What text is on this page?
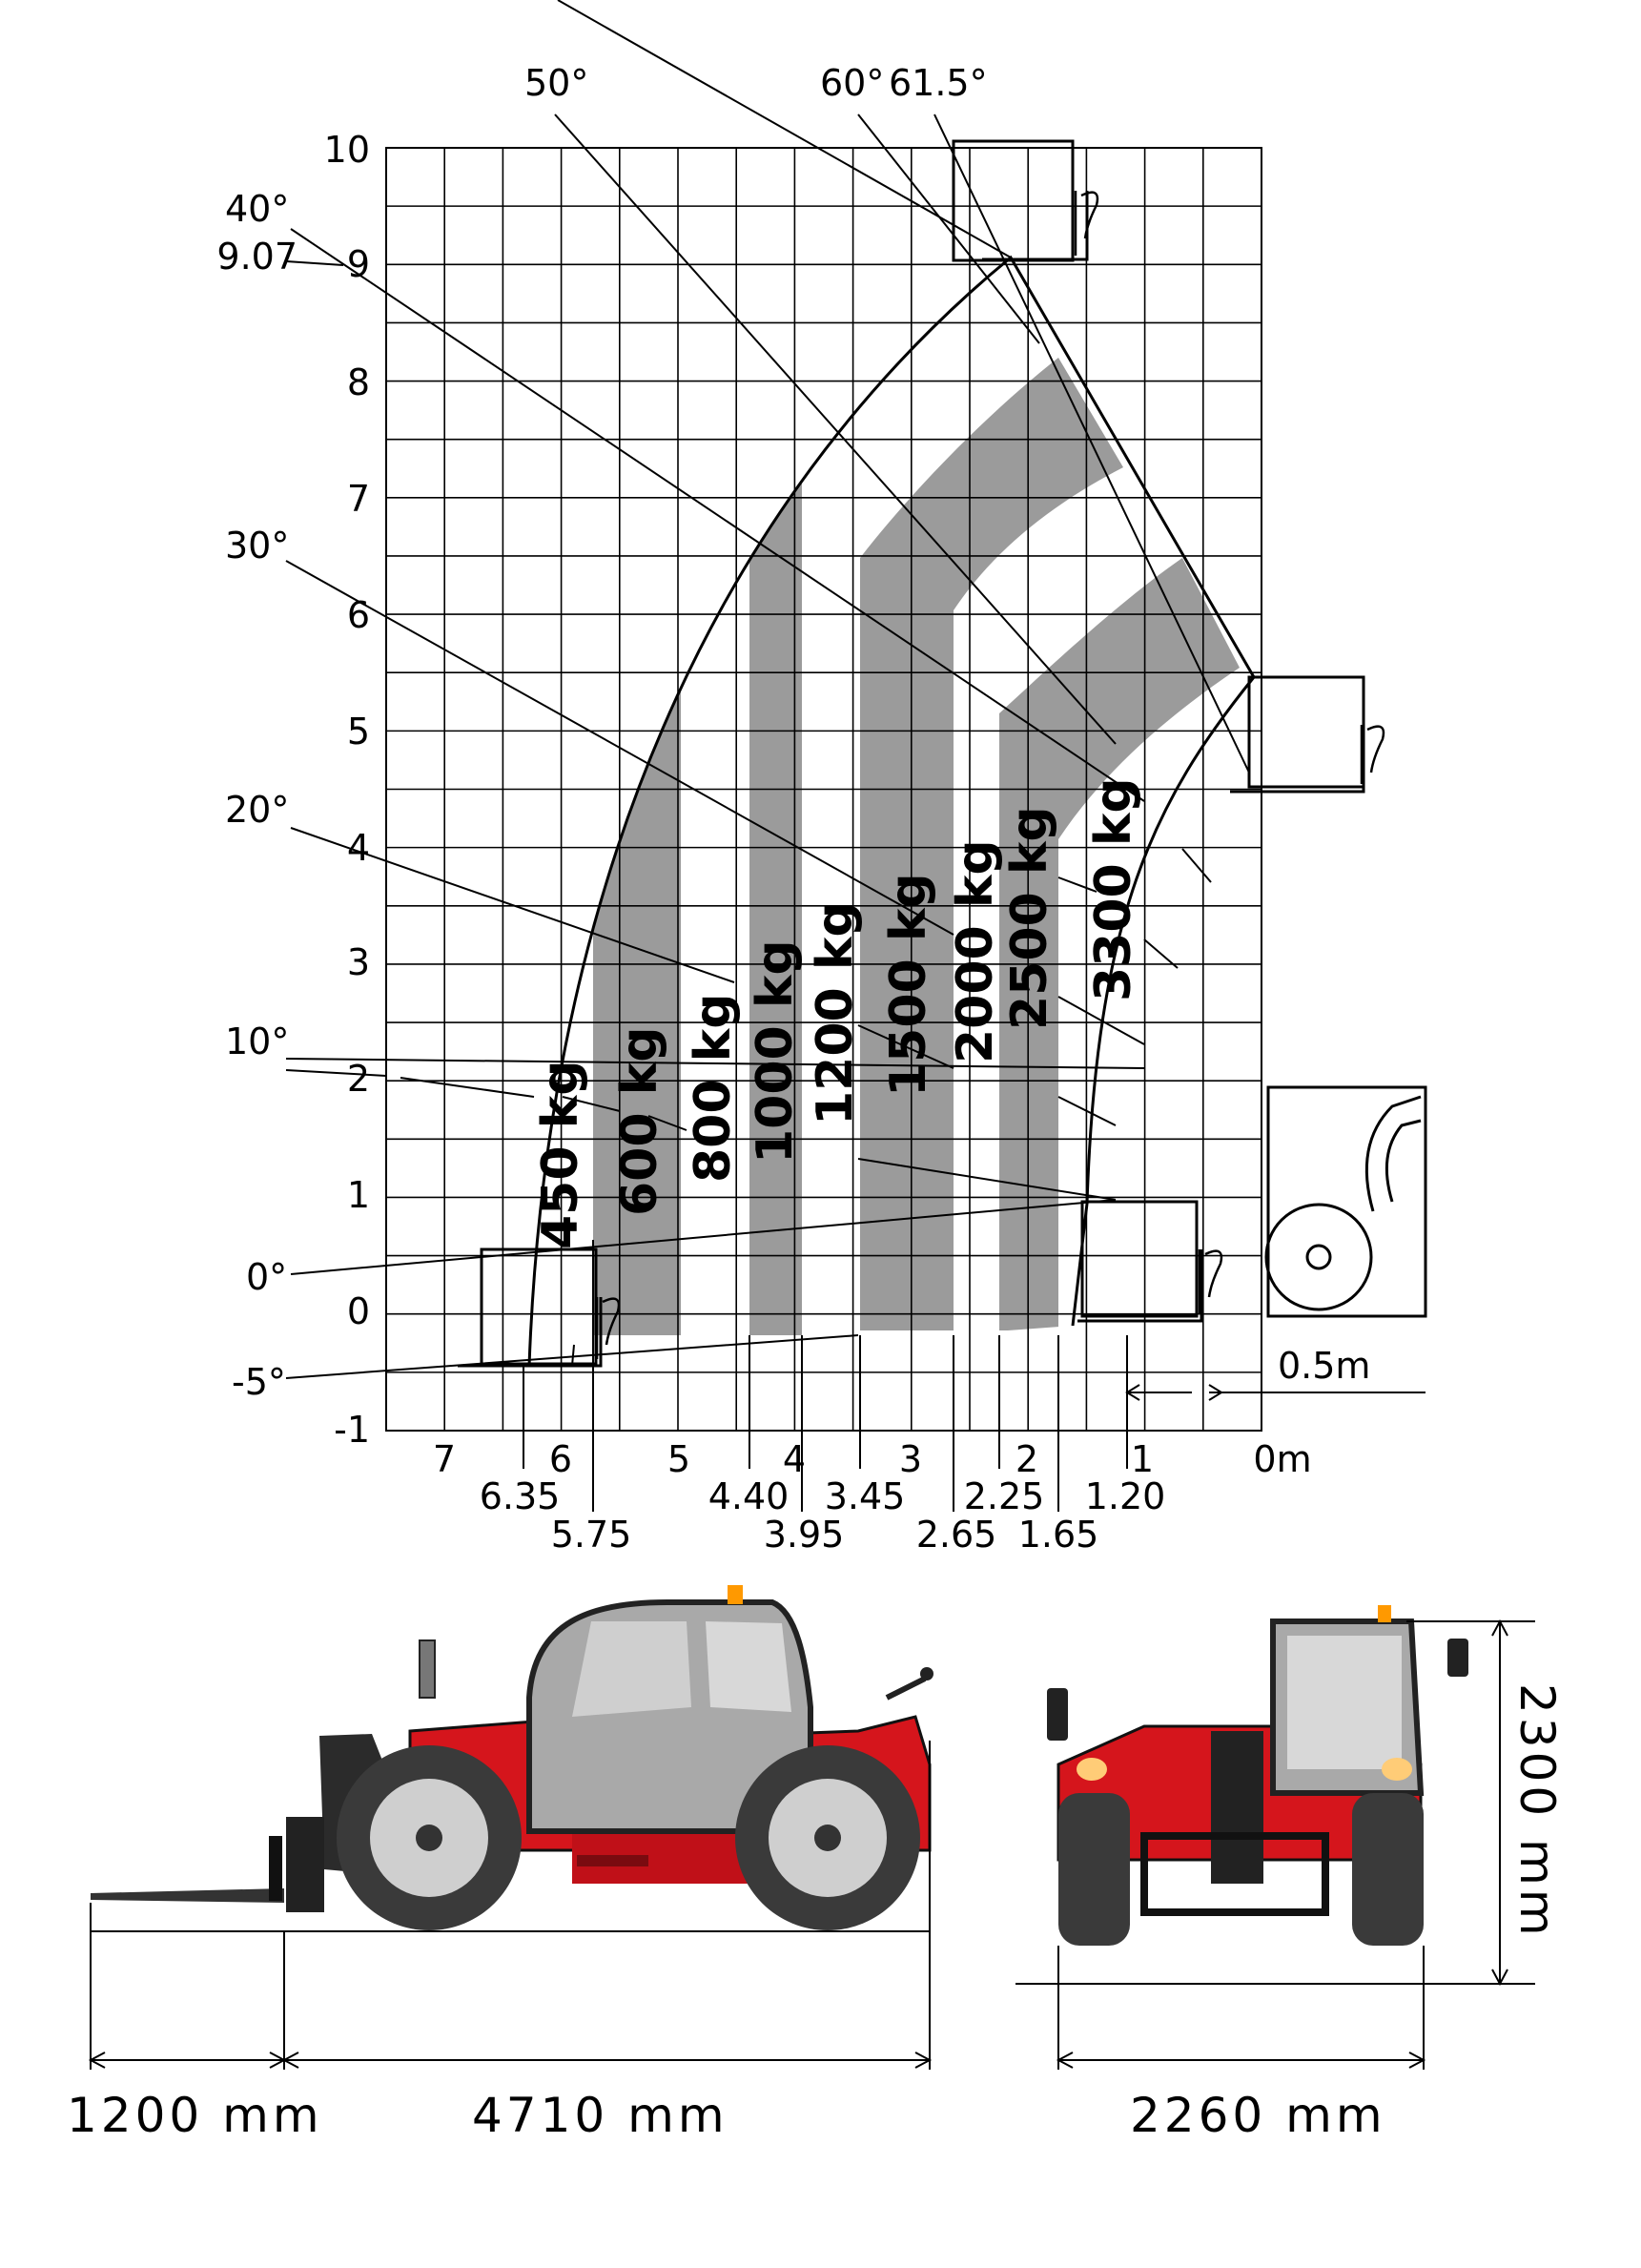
450 kg 600 kg 800 kg 1000 kg 1200 kg 1500 kg 2000 kg
2500 kg 3300 kg
10
9
8
7
6
5
4
3
2
1
0
-1
9.07
7	6	5	4	3	2	1	0m
6.35
5.75
4.40
3.95
3.45
2.65
2.25
1.65
1.20
0°
-5°
10°
20°
30°
40°
50°	60° 61.5°
0.5m
1200 mm	4710 mm	2260 mm
2300 mm
